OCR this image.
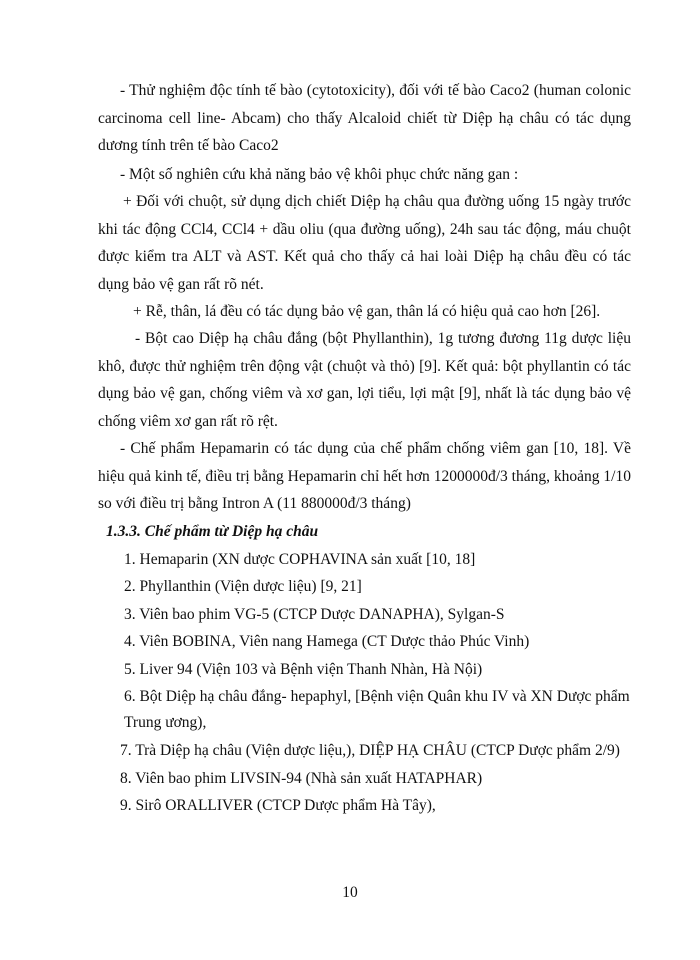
- Thử nghiệm độc tính tế bào (cytotoxicity), đối với tế bào Caco2 (human colonic carcinoma cell line- Abcam) cho thấy Alcaloid chiết từ Diệp hạ châu có tác dụng dương tính trên tế bào Caco2

- Một số nghiên cứu khả năng bảo vệ khôi phục chức năng gan :

+ Đối với chuột, sử dụng dịch chiết Diệp hạ châu qua đường uống 15 ngày trước khi tác động CCl4, CCl4 + dầu oliu (qua đường uống), 24h sau tác động, máu chuột được kiểm tra ALT và AST. Kết quả cho thấy cả hai loài Diệp hạ châu đều có tác dụng bảo vệ gan rất rõ nét.

+ Rễ, thân, lá đều có tác dụng bảo vệ gan, thân lá có hiệu quả cao hơn [26].

- Bột cao Diệp hạ châu đắng (bột Phyllanthin), 1g tương đương 11g dược liệu khô, được thử nghiệm trên động vật (chuột và thỏ) [9]. Kết quả: bột phyllantin có tác dụng bảo vệ gan, chống viêm và xơ gan, lợi tiểu, lợi mật [9], nhất là tác dụng bảo vệ chống viêm xơ gan rất rõ rệt.

- Chế phẩm Hepamarin có tác dụng của chế phẩm chống viêm gan [10, 18]. Về hiệu quả kinh tế, điều trị bằng Hepamarin chỉ hết hơn 1200000đ/3 tháng, khoảng 1/10 so với điều trị bằng Intron A (11 880000đ/3 tháng)

1.3.3. Chế phẩm từ Diệp hạ châu

1. Hemaparin (XN dược COPHAVINA sản xuất [10, 18]

2. Phyllanthin (Viện dược liệu) [9, 21]

3. Viên bao phim VG-5 (CTCP Dược DANAPHA), Sylgan-S

4. Viên BOBINA, Viên nang Hamega (CT Dược thảo Phúc Vinh)

5. Liver 94 (Viện 103 và Bệnh viện Thanh Nhàn, Hà Nội)

6. Bột Diệp hạ châu đắng- hepaphyl, [Bệnh viện Quân khu IV và XN Dược phẩm Trung ương),

7. Trà Diệp hạ châu (Viện dược liệu,), DIỆP HẠ CHÂU (CTCP Dược phẩm 2/9)

8. Viên bao phim LIVSIN-94 (Nhà sản xuất HATAPHAR)

9. Sirô ORALLIVER (CTCP Dược phẩm Hà Tây),

10
